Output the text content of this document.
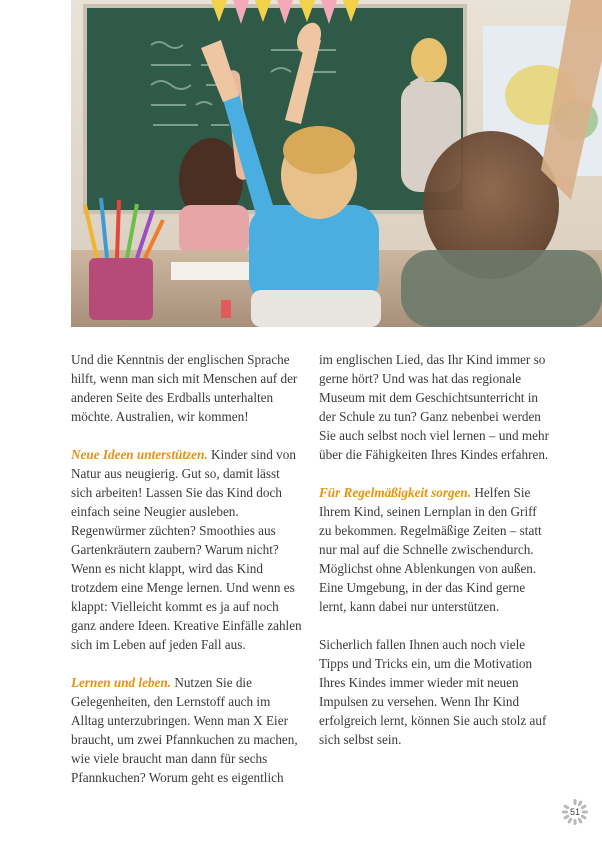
Und die Kenntnis der englischen Sprache hilft, wenn man sich mit Menschen auf der anderen Seite des Erdballs unterhalten möchte. Australien, wir kommen!

Neue Ideen unterstützen. Kinder sind von Natur aus neugierig. Gut so, damit lässt sich arbeiten! Lassen Sie das Kind doch einfach seine Neugier ausleben. Regenwürmer züchten? Smoothies aus Gartenkräutern zaubern? Warum nicht? Wenn es nicht klappt, wird das Kind trotzdem eine Menge lernen. Und wenn es klappt: Vielleicht kommt es ja auf noch ganz andere Ideen. Kreative Einfälle zahlen sich im Leben auf jeden Fall aus.

Lernen und leben. Nutzen Sie die Gelegenheiten, den Lernstoff auch im Alltag unterzubringen. Wenn man X Eier braucht, um zwei Pfannkuchen zu machen, wie viele braucht man dann für sechs Pfannkuchen? Worum geht es eigentlich

im englischen Lied, das Ihr Kind immer so gerne hört? Und was hat das regionale Museum mit dem Geschichtsunterricht in der Schule zu tun? Ganz nebenbei werden Sie auch selbst noch viel lernen – und mehr über die Fähigkeiten Ihres Kindes erfahren.

Für Regelmäßigkeit sorgen. Helfen Sie Ihrem Kind, seinen Lernplan in den Griff zu bekommen. Regelmäßige Zeiten – statt nur mal auf die Schnelle zwischendurch. Möglichst ohne Ablenkungen von außen. Eine Umgebung, in der das Kind gerne lernt, kann dabei nur unterstützen.

Sicherlich fallen Ihnen auch noch viele Tipps und Tricks ein, um die Motivation Ihres Kindes immer wieder mit neuen Impulsen zu versehen. Wenn Ihr Kind erfolgreich lernt, können Sie auch stolz auf sich selbst sein.

51
